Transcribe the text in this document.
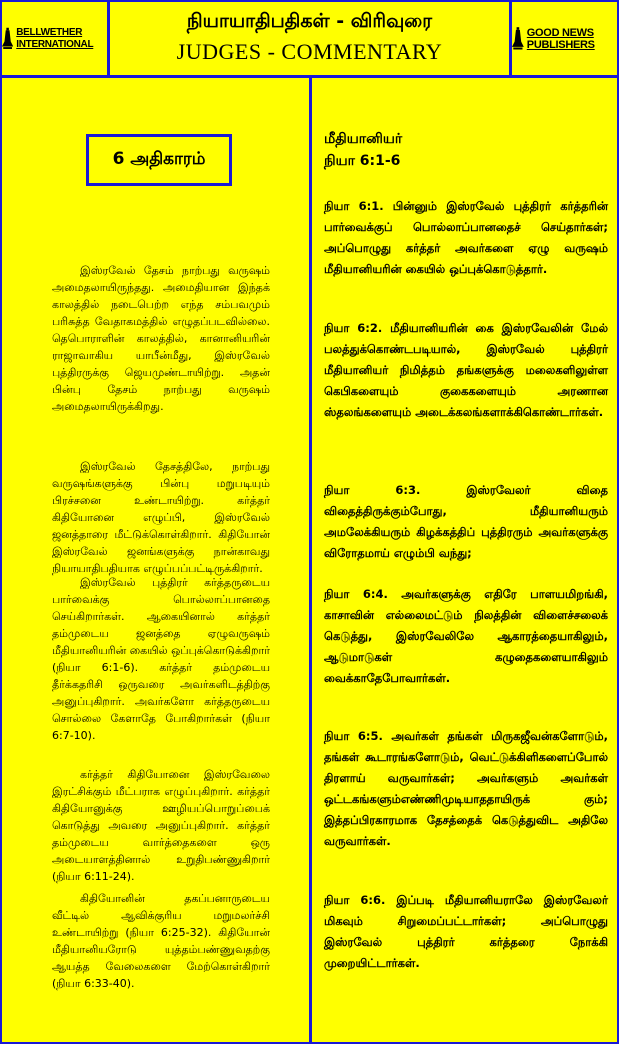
BELLWETHER INTERNATIONAL
நியாயாதிபதிகள் - விரிவுரை
JUDGES - COMMENTARY
GOOD NEWS PUBLISHERS
6 அதிகாரம்

இஸ்ரவேல் தேசம் நாற்பது வருஷம் அமைதலாயிருந்தது. அமைதியான இந்தக் காலத்தில் நடைபெற்ற எந்த சம்பவமும் பரிசுத்த வேதாகமத்தில் எழுதப்படவில்லை. தெபொராளின் காலத்தில், கானானியரின் ராஜாவாகிய யாபீன்மீது, இஸ்ரவேல் புத்திரருக்கு ஜெயமுண்டாயிற்று. அதன் பின்பு தேசம் நாற்பது வருஷம் அமைதலாயிருக்கிறது.

இஸ்ரவேல் தேசத்திலே, நாற்பது வருஷங்களுக்கு பின்பு மறுபடியும் பிரச்சனை உண்டாயிற்று. கர்த்தர் கிதியோனை எழுப்பி, இஸ்ரவேல் ஜனத்தாரை மீட்டுக்கொள்கிறார். கிதியோன் இஸ்ரவேல் ஜனங்களுக்கு நான்காவது நியாயாதிபதியாக எழுப்பப்பட்டிருக்கிறார்.

இஸ்ரவேல் புத்திரர் கர்த்தருடைய பார்வைக்கு பொல்லாப்பானதை செய்கிறார்கள். ஆகையினால் கர்த்தர் தம்முடைய ஜனத்தை ஏழுவருஷம் மீதியானியரின் கையில் ஒப்புக்கொடுக்கிறார் (நியா 6:1-6). கர்த்தர் தம்முடைய தீர்க்கதரிசி ஒருவரை அவர்களிடத்திற்கு அனுப்புகிறார். அவர்களோ கர்த்தருடைய சொல்லை கேளாதே போகிறார்கள் (நியா 6:7-10).

கர்த்தர் கிதியோனை இஸ்ரவேலை இரட்சிக்கும் மீட்பராக எழுப்புகிறார். கர்த்தர் கிதியோனுக்கு ஊழியப்பொறுப்பைக் கொடுத்து அவரை அனுப்புகிறார். கர்த்தர் தம்முடைய வார்த்தைகளை ஒரு அடையாளத்தினால் உறுதிபண்ணுகிறார் (நியா 6:11-24).

கிதியோனின் தகப்பனாருடைய வீட்டில் ஆவிக்குரிய மறுமலர்ச்சி உண்டாயிற்று (நியா 6:25-32). கிதியோன் மீதியானியரோடு யுத்தம்பண்ணுவதற்கு ஆயத்த வேலைகளை மேற்கொள்கிறார் (நியா 6:33-40).

மீதியானியர்
நியா 6:1-6
நியா 6:1. பின்னும் இஸ்ரவேல் புத்திரர் கர்த்தரின் பார்வைக்குப் பொல்லாப்பானதைச் செய்தார்கள்; அப்பொழுது கர்த்தர் அவர்களை ஏழு வருஷம் மீதியானியரின் கையில் ஒப்புக்கொடுத்தார்.
நியா 6:2. மீதியானியரின் கை இஸ்ரவேலின் மேல் பலத்துக்கொண்டபடியால், இஸ்ரவேல் புத்திரர் மீதியானியர் நிமித்தம் தங்களுக்கு மலைகளிலுள்ள கெபிகளையும் குகைகளையும் அரணான ஸ்தலங்களையும் அடைக்கலங்களாக்கிகொண்டார்கள்.
நியா 6:3. இஸ்ரவேலர் விதை விதைத்திருக்கும்போது, மீதியானியரும் அமலேக்கியரும் கிழக்கத்திப் புத்திரரும் அவர்களுக்கு விரோதமாய் எழும்பி வந்து;
நியா 6:4. அவர்களுக்கு எதிரே பாளயமிறங்கி, காசாவின் எல்லைமட்டும் நிலத்தின் விளைச்சலைக் கெடுத்து, இஸ்ரவேலிலே ஆகாரத்தையாகிலும், ஆடுமாடுகள் கழுதைகளையாகிலும் வைக்காதேபோவார்கள்.
நியா 6:5. அவர்கள் தங்கள் மிருகஜீவன்களோடும், தங்கள் கூடாரங்களோடும், வெட்டுக்கிளிகளைப்போல் திரளாய் வருவார்கள்; அவர்களும் அவர்கள் ஒட்டகங்களும்எண்ணிமுடியாததாயிருக் கும்; இத்தப்பிரகாரமாக தேசத்தைக் கெடுத்துவிட அதிலே வருவார்கள்.
நியா 6:6. இப்படி மீதியானியராலே இஸ்ரவேலர் மிகவும் சிறுமைப்பட்டார்கள்; அப்பொழுது இஸ்ரவேல் புத்திரர் கர்த்தரை நோக்கி முறையிட்டார்கள்.
